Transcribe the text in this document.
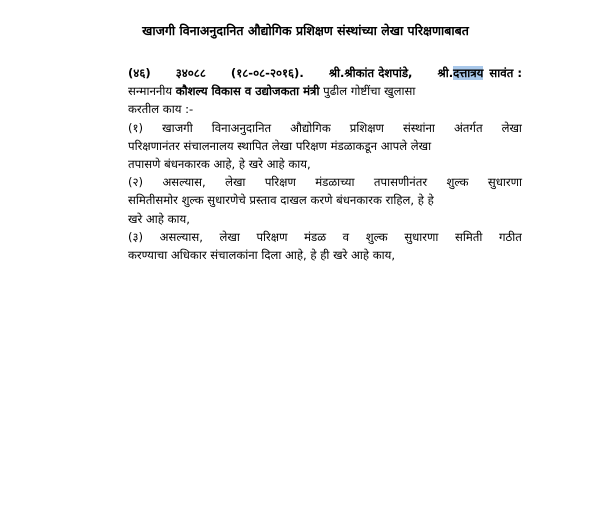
खाजगी विनाअनुदानित औद्योगिक प्रशिक्षण संस्थांच्या लेखा परिक्षणाबाबत
(४६) ३४०८८ (१८-०८-२०१६). श्री.श्रीकांत देशपांडे, श्री.दत्तात्रय सावंत :
सन्माननीय कौशल्य विकास व उद्योजकता मंत्री पुढील गोष्टींचा खुलासा
करतील काय :-
(१) खाजगी विनाअनुदानित औद्योगिक प्रशिक्षण संस्थांना अंतर्गत लेखा
परिक्षणानंतर संचालनालय स्थापित लेखा परिक्षण मंडळाकडून आपले लेखा
तपासणे बंधनकारक आहे, हे खरे आहे काय,
(२) असल्यास, लेखा परिक्षण मंडळाच्या तपासणीनंतर शुल्क सुधारणा
समितीसमोर शुल्क सुधारणेचे प्रस्ताव दाखल करणे बंधनकारक राहिल, हे हे
खरे आहे काय,
(३) असल्यास, लेखा परिक्षण मंडळ व शुल्क सुधारणा समिती गठीत
करण्याचा अधिकार संचालकांना दिला आहे, हे ही खरे आहे काय,
